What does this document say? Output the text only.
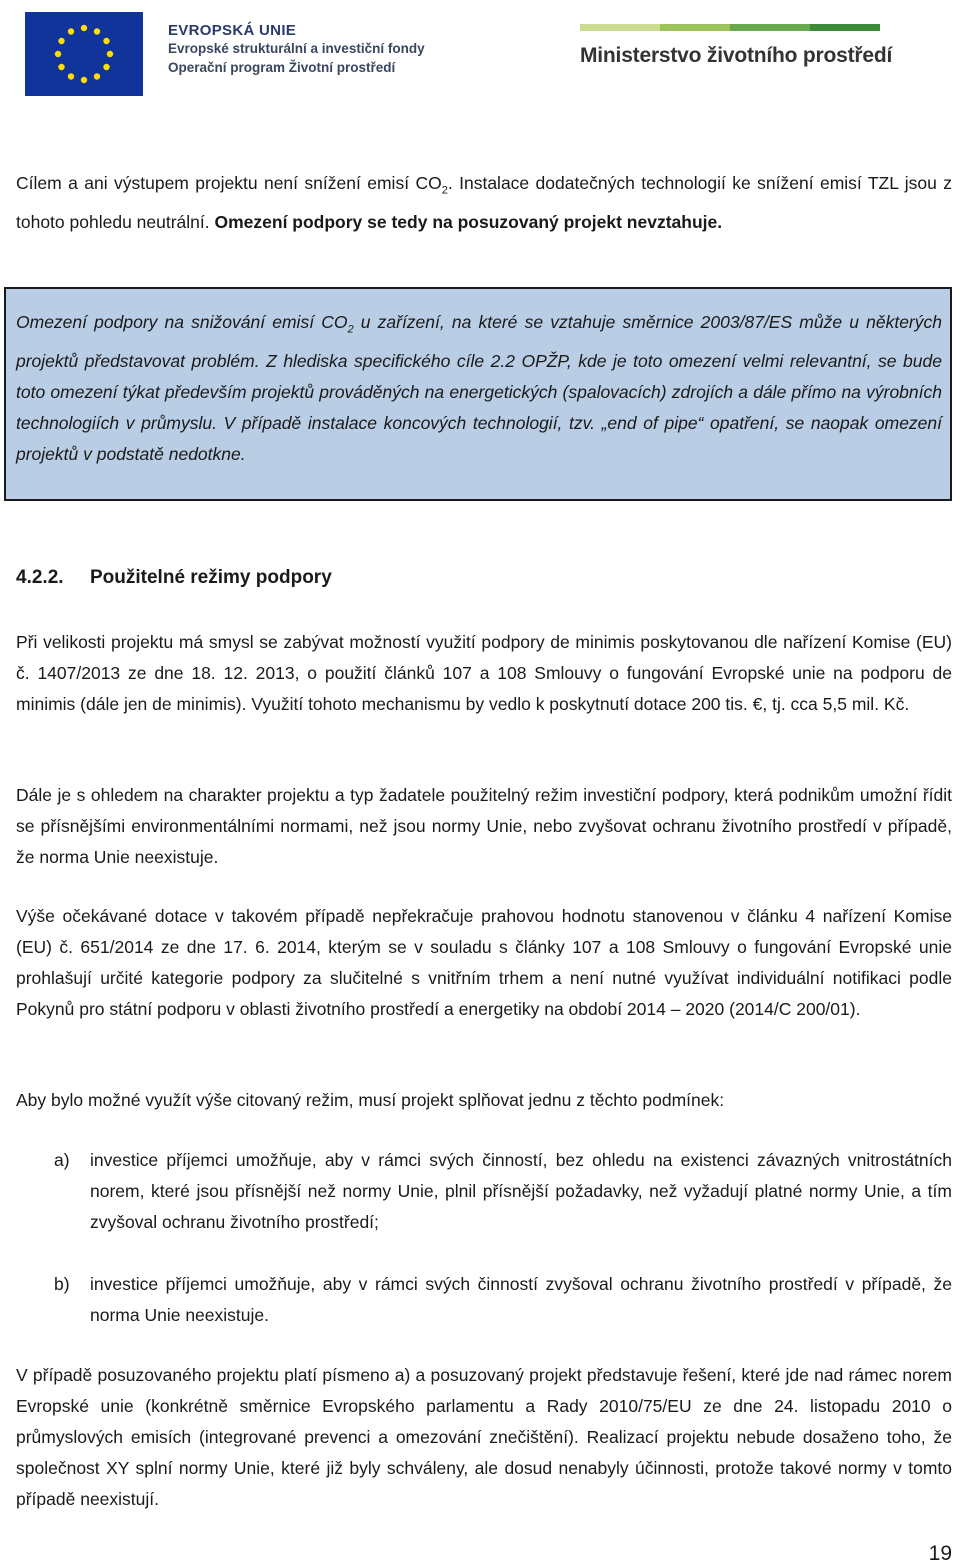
EVROPSKÁ UNIE
Evropské strukturální a investiční fondy
Operační program Životní prostředí
Ministerstvo životního prostředí

Cílem a ani výstupem projektu není snížení emisí $CO_2$. Instalace dodatečných technologií ke snížení emisí TZL jsou z tohoto pohledu neutrální. Omezení podpory se tedy na posuzovaný projekt nevztahuje.

Omezení podpory na snižování emisí $CO_2$ u zařízení, na které se vztahuje směrnice 2003/87/ES může u některých projektů představovat problém. Z hlediska specifického cíle 2.2 OPŽP, kde je toto omezení velmi relevantní, se bude toto omezení týkat především projektů prováděných na energetických (spalovacích) zdrojích a dále přímo na výrobních technologiích v průmyslu. V případě instalace koncových technologií, tzv. „end of pipe“ opatření, se naopak omezení projektů v podstatě nedotkne.

4.2.2. Použitelné režimy podpory

Při velikosti projektu má smysl se zabývat možností využití podpory de minimis poskytovanou dle nařízení Komise (EU) č. 1407/2013 ze dne 18. 12. 2013, o použití článků 107 a 108 Smlouvy o fungování Evropské unie na podporu de minimis (dále jen de minimis). Využití tohoto mechanismu by vedlo k poskytnutí dotace 200 tis. €, tj. cca 5,5 mil. Kč.

Dále je s ohledem na charakter projektu a typ žadatele použitelný režim investiční podpory, která podnikům umožní řídit se přísnějšími environmentálními normami, než jsou normy Unie, nebo zvyšovat ochranu životního prostředí v případě, že norma Unie neexistuje.

Výše očekávané dotace v takovém případě nepřekračuje prahovou hodnotu stanovenou v článku 4 nařízení Komise (EU) č. 651/2014 ze dne 17. 6. 2014, kterým se v souladu s články 107 a 108 Smlouvy o fungování Evropské unie prohlašují určité kategorie podpory za slučitelné s vnitřním trhem a není nutné využívat individuální notifikaci podle Pokynů pro státní podporu v oblasti životního prostředí a energetiky na období 2014 – 2020 (2014/C 200/01).

Aby bylo možné využít výše citovaný režim, musí projekt splňovat jednu z těchto podmínek:

a) investice příjemci umožňuje, aby v rámci svých činností, bez ohledu na existenci závazných vnitrostátních norem, které jsou přísnější než normy Unie, plnil přísnější požadavky, než vyžadují platné normy Unie, a tím zvyšoval ochranu životního prostředí;

b) investice příjemci umožňuje, aby v rámci svých činností zvyšoval ochranu životního prostředí v případě, že norma Unie neexistuje.

V případě posuzovaného projektu platí písmeno a) a posuzovaný projekt představuje řešení, které jde nad rámec norem Evropské unie (konkrétně směrnice Evropského parlamentu a Rady 2010/75/EU ze dne 24. listopadu 2010 o průmyslových emisích (integrované prevenci a omezování znečištění). Realizací projektu nebude dosaženo toho, že společnost XY splní normy Unie, které již byly schváleny, ale dosud nenabyly účinnosti, protože takové normy v tomto případě neexistují.

19
